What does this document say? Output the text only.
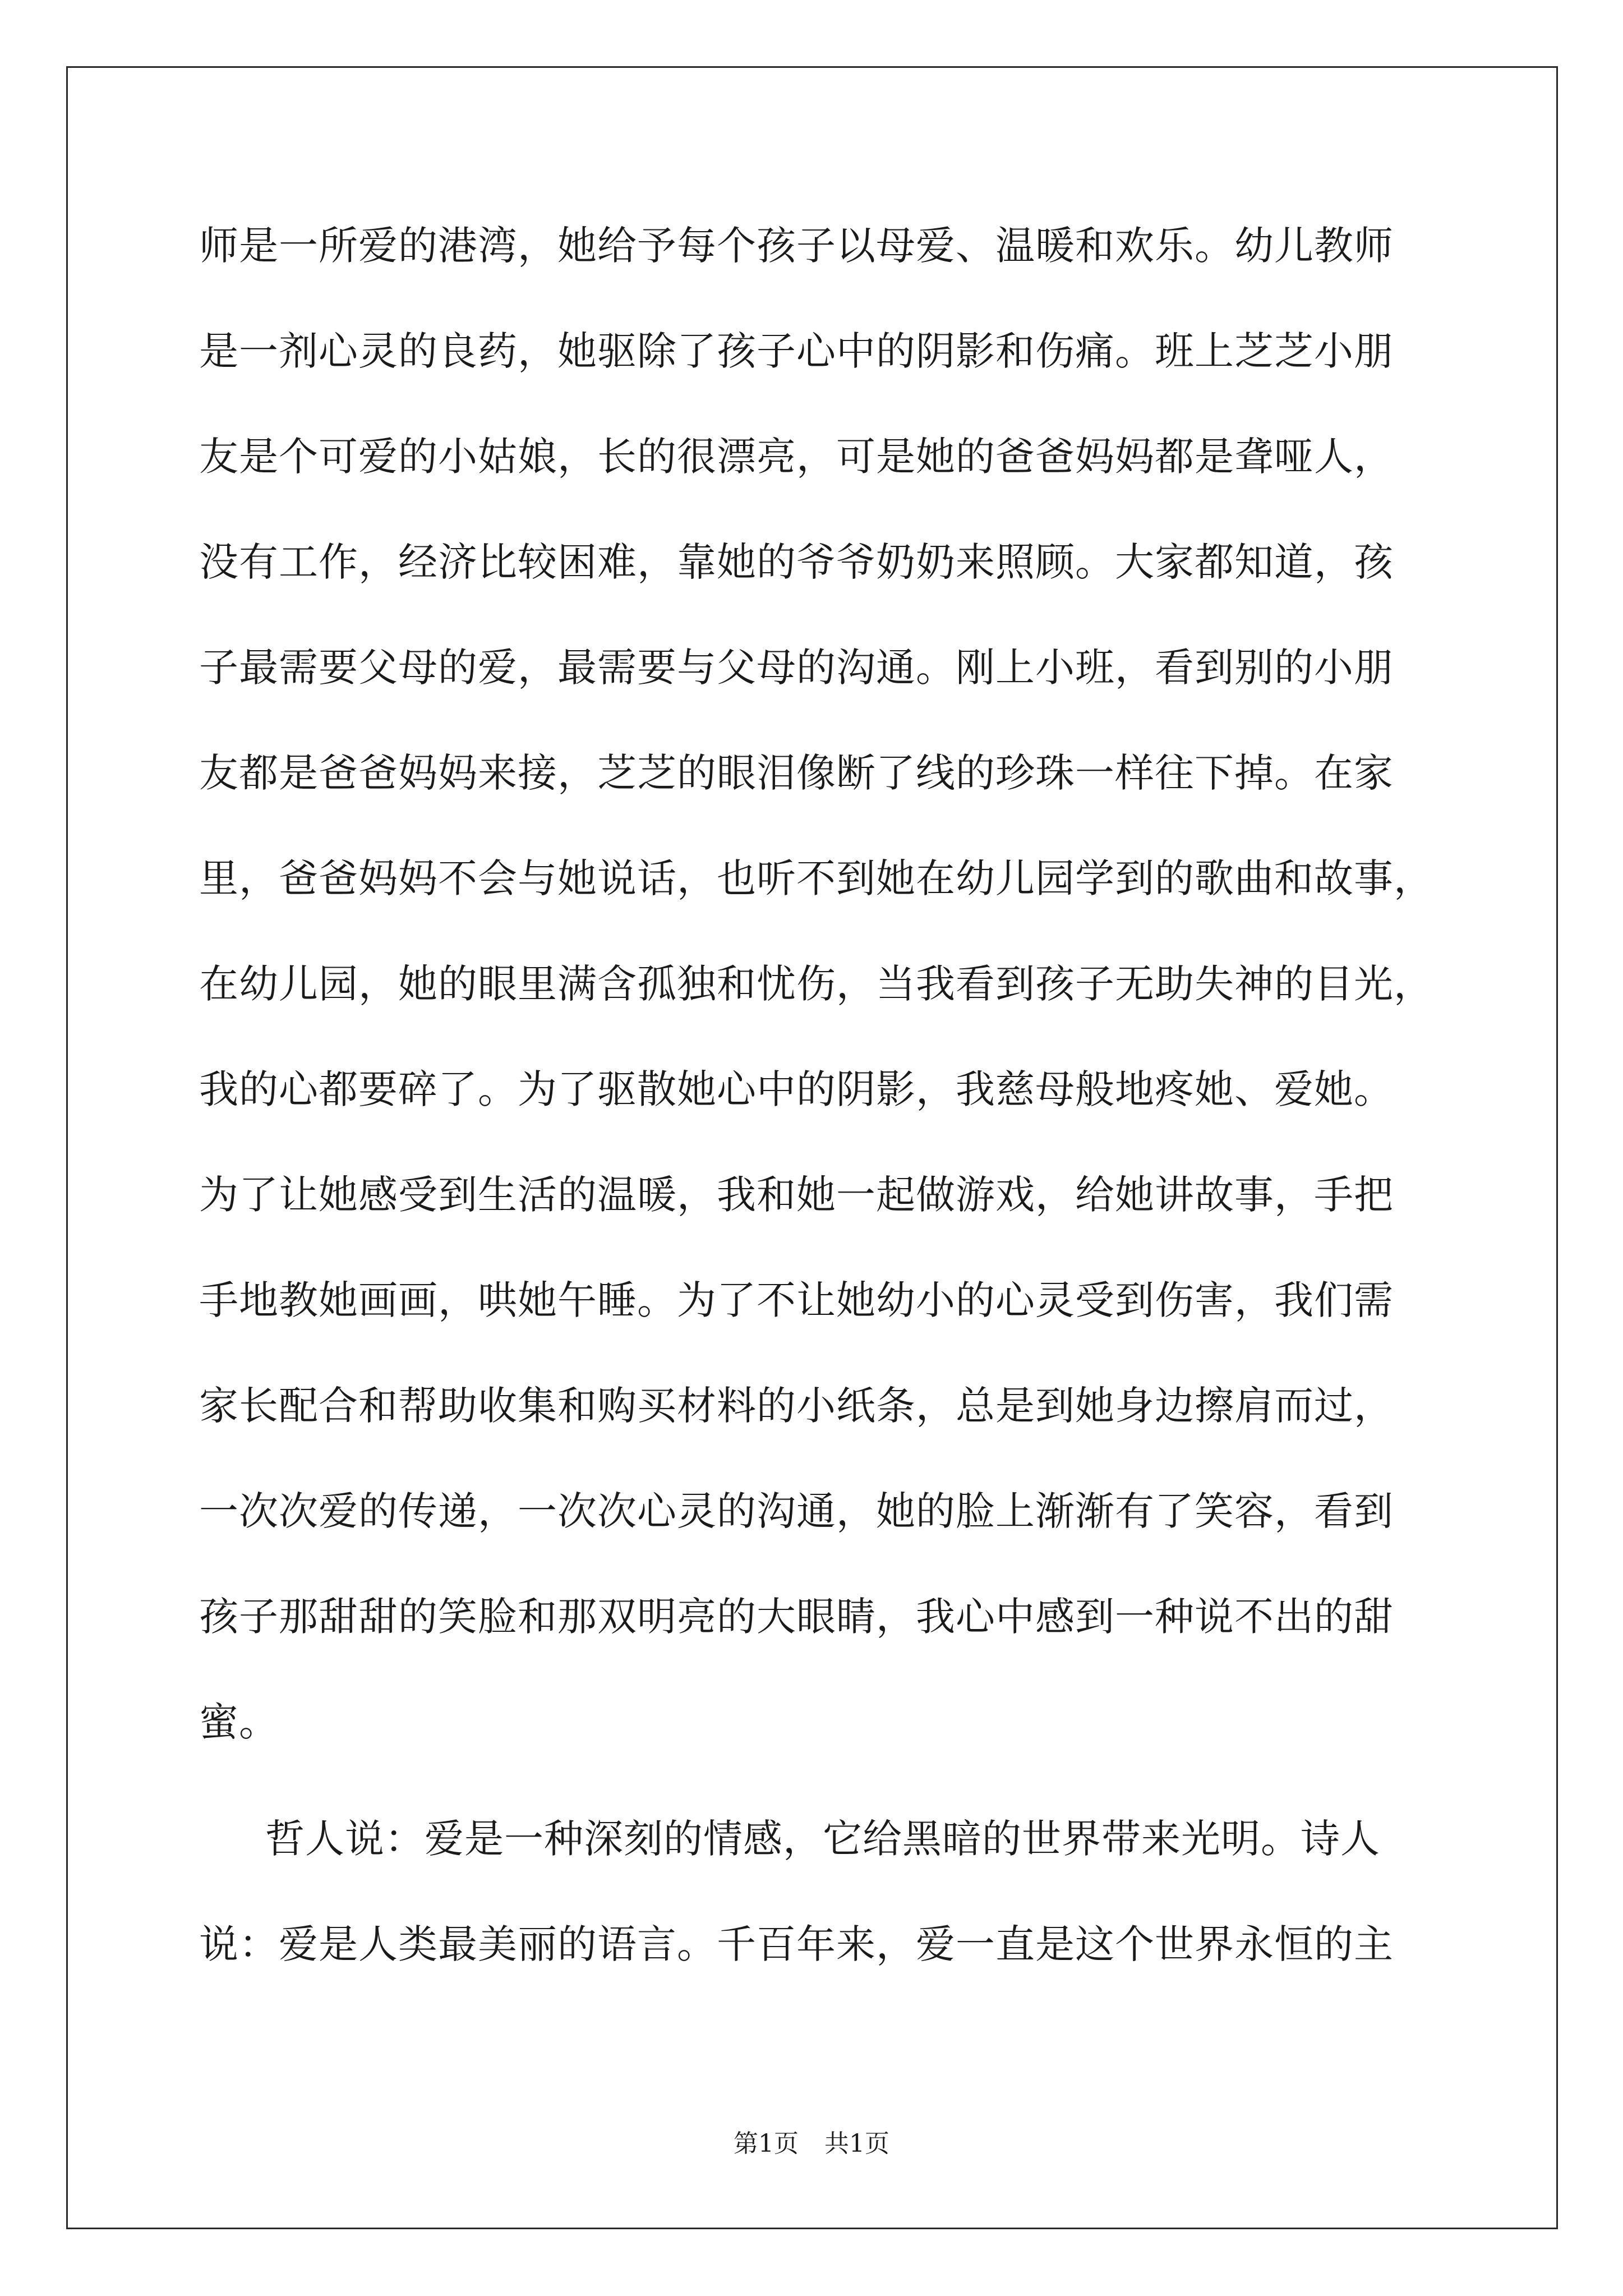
师是一所爱的港湾，她给予每个孩子以母爱、温暖和欢乐。幼儿教师
是一剂心灵的良药，她驱除了孩子心中的阴影和伤痛。班上芝芝小朋
友是个可爱的小姑娘，长的很漂亮，可是她的爸爸妈妈都是聋哑人，
没有工作，经济比较困难，靠她的爷爷奶奶来照顾。大家都知道，孩
子最需要父母的爱，最需要与父母的沟通。刚上小班，看到别的小朋
友都是爸爸妈妈来接，芝芝的眼泪像断了线的珍珠一样往下掉。在家
里，爸爸妈妈不会与她说话，也听不到她在幼儿园学到的歌曲和故事，
在幼儿园，她的眼里满含孤独和忧伤，当我看到孩子无助失神的目光，
我的心都要碎了。为了驱散她心中的阴影，我慈母般地疼她、爱她。
为了让她感受到生活的温暖，我和她一起做游戏，给她讲故事，手把
手地教她画画，哄她午睡。为了不让她幼小的心灵受到伤害，我们需
家长配合和帮助收集和购买材料的小纸条，总是到她身边擦肩而过，
一次次爱的传递，一次次心灵的沟通，她的脸上渐渐有了笑容，看到
孩子那甜甜的笑脸和那双明亮的大眼睛，我心中感到一种说不出的甜
蜜。
哲人说：爱是一种深刻的情感，它给黑暗的世界带来光明。诗人
说：爱是人类最美丽的语言。千百年来，爱一直是这个世界永恒的主
第1页 共1页
